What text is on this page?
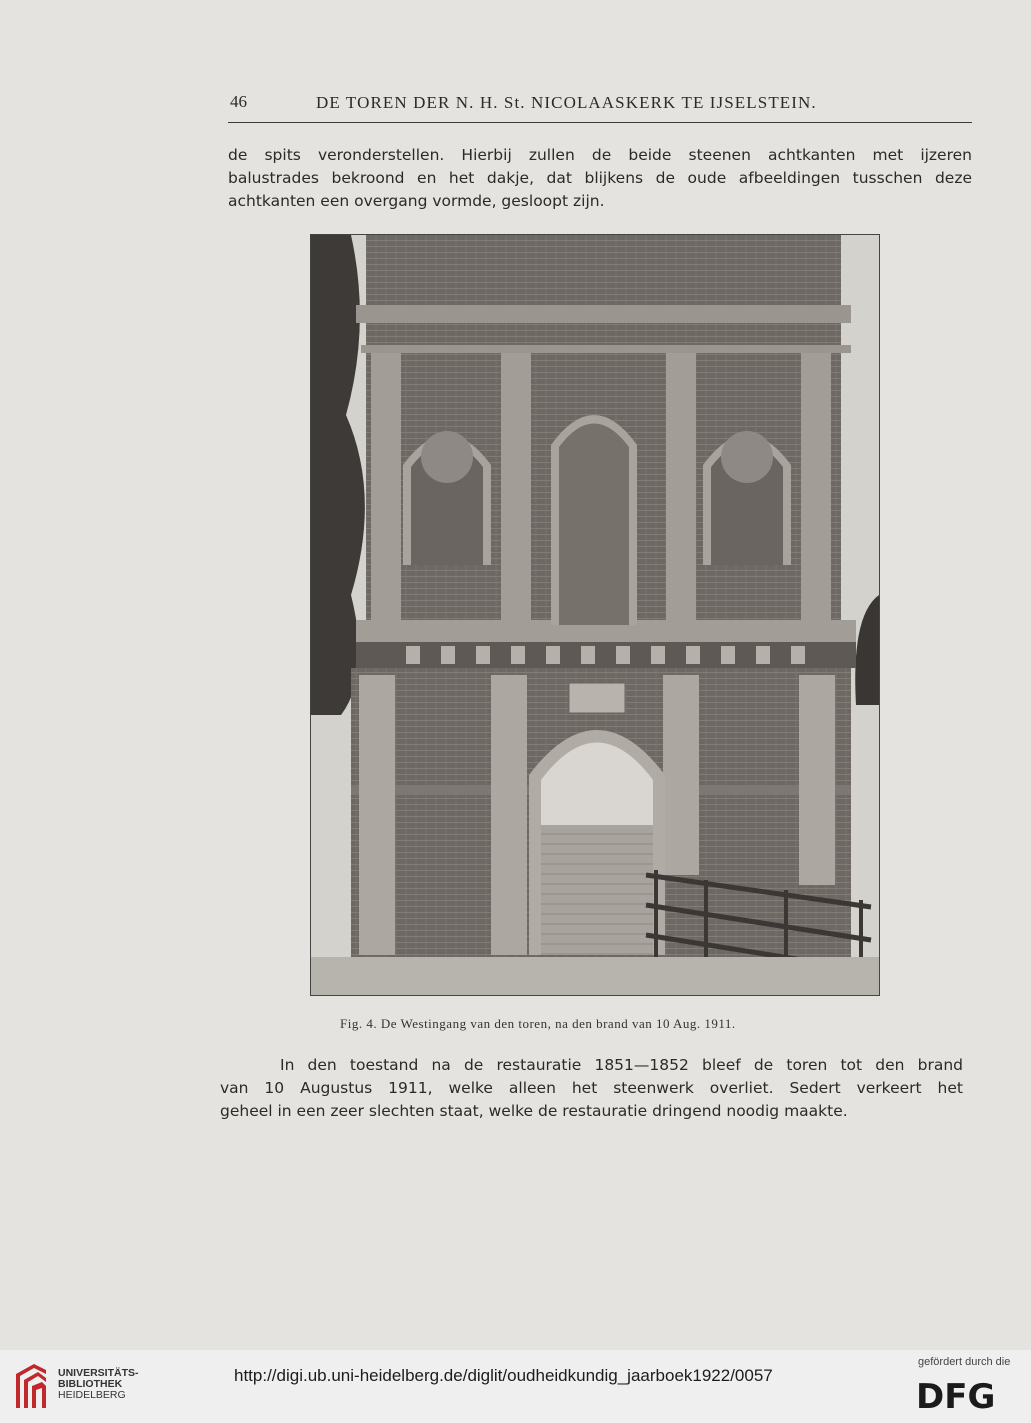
46	DE TOREN DER N. H. St. NICOLAASKERK TE IJSELSTEIN.
de spits veronderstellen. Hierbij zullen de beide steenen achtkanten met ijzeren
balustrades bekroond en het dakje, dat blijkens de oude afbeeldingen tusschen deze
achtkanten een overgang vormde, gesloopt zijn.
Fig. 4. De Westingang van den toren, na den brand van 10 Aug. 1911.
In den toestand na de restauratie 1851—1852 bleef de toren tot den brand
van 10 Augustus 1911, welke alleen het steenwerk overliet. Sedert verkeert het
geheel in een zeer slechten staat, welke de restauratie dringend noodig maakte.
UNIVERSITÄTS-
BIBLIOTHEK
HEIDELBERG
http://digi.ub.uni-heidelberg.de/diglit/oudheidkundig_jaarboek1922/0057
gefördert durch die
DFG
